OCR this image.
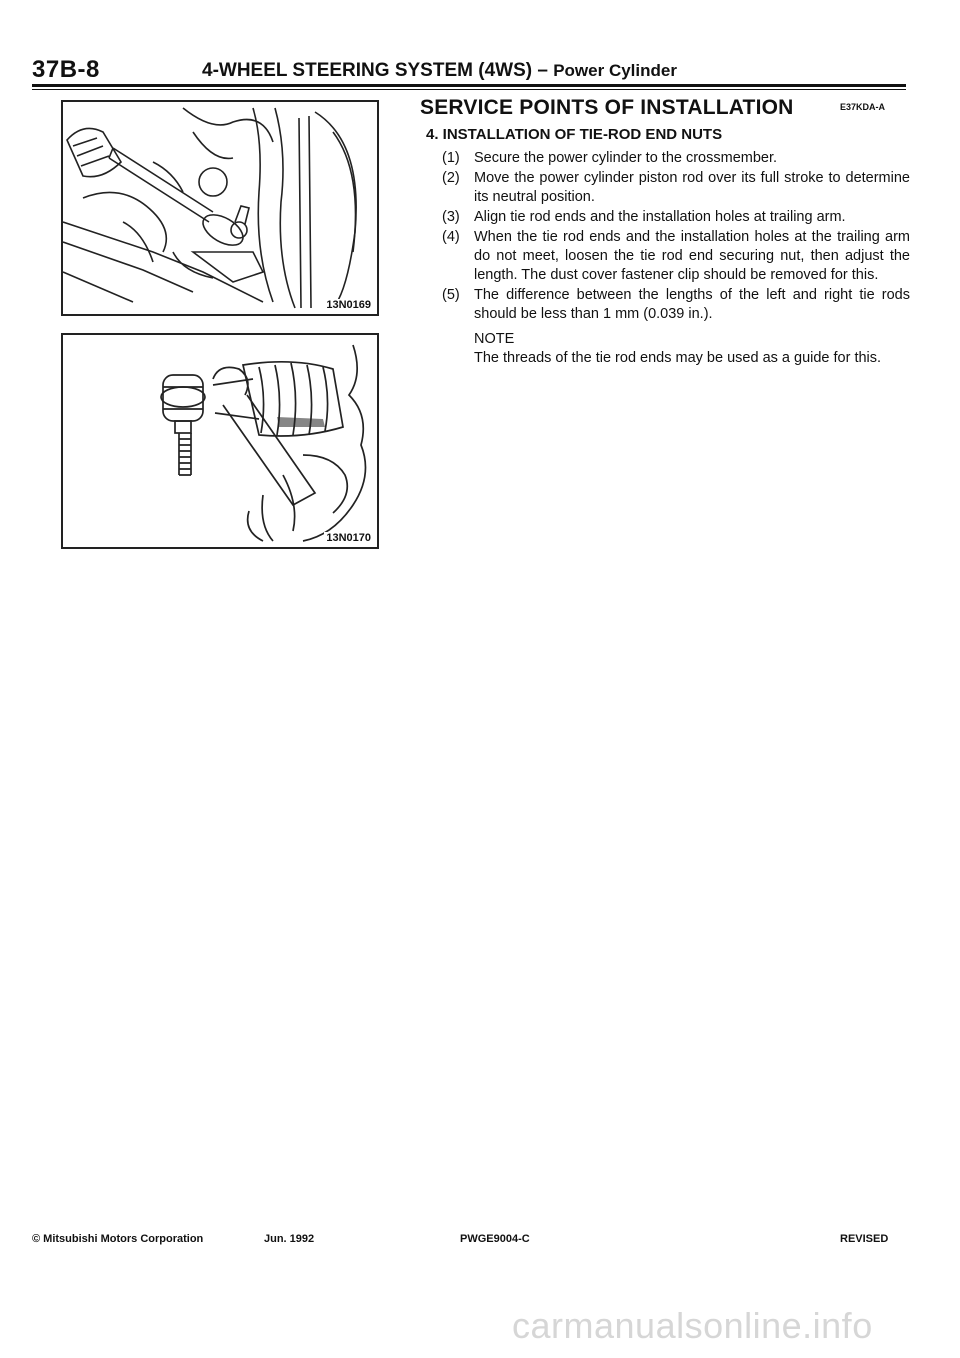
37B-8	4-WHEEL STEERING SYSTEM (4WS) – Power Cylinder
13N0169
13N0170
SERVICE POINTS OF INSTALLATION	E37KDA-A
4. INSTALLATION OF TIE-ROD END NUTS
(1) Secure the power cylinder to the crossmember.
(2) Move the power cylinder piston rod over its full stroke to determine its neutral position.
(3) Align tie rod ends and the installation holes at trailing arm.
(4) When the tie rod ends and the installation holes at the trailing arm do not meet, loosen the tie rod end securing nut, then adjust the length. The dust cover fastener clip should be removed for this.
(5) The difference between the lengths of the left and right tie rods should be less than 1 mm (0.039 in.).
NOTE
The threads of the tie rod ends may be used as a guide for this.
© Mitsubishi Motors Corporation	Jun. 1992	PWGE9004-C	REVISED
carmanualsonline.info
